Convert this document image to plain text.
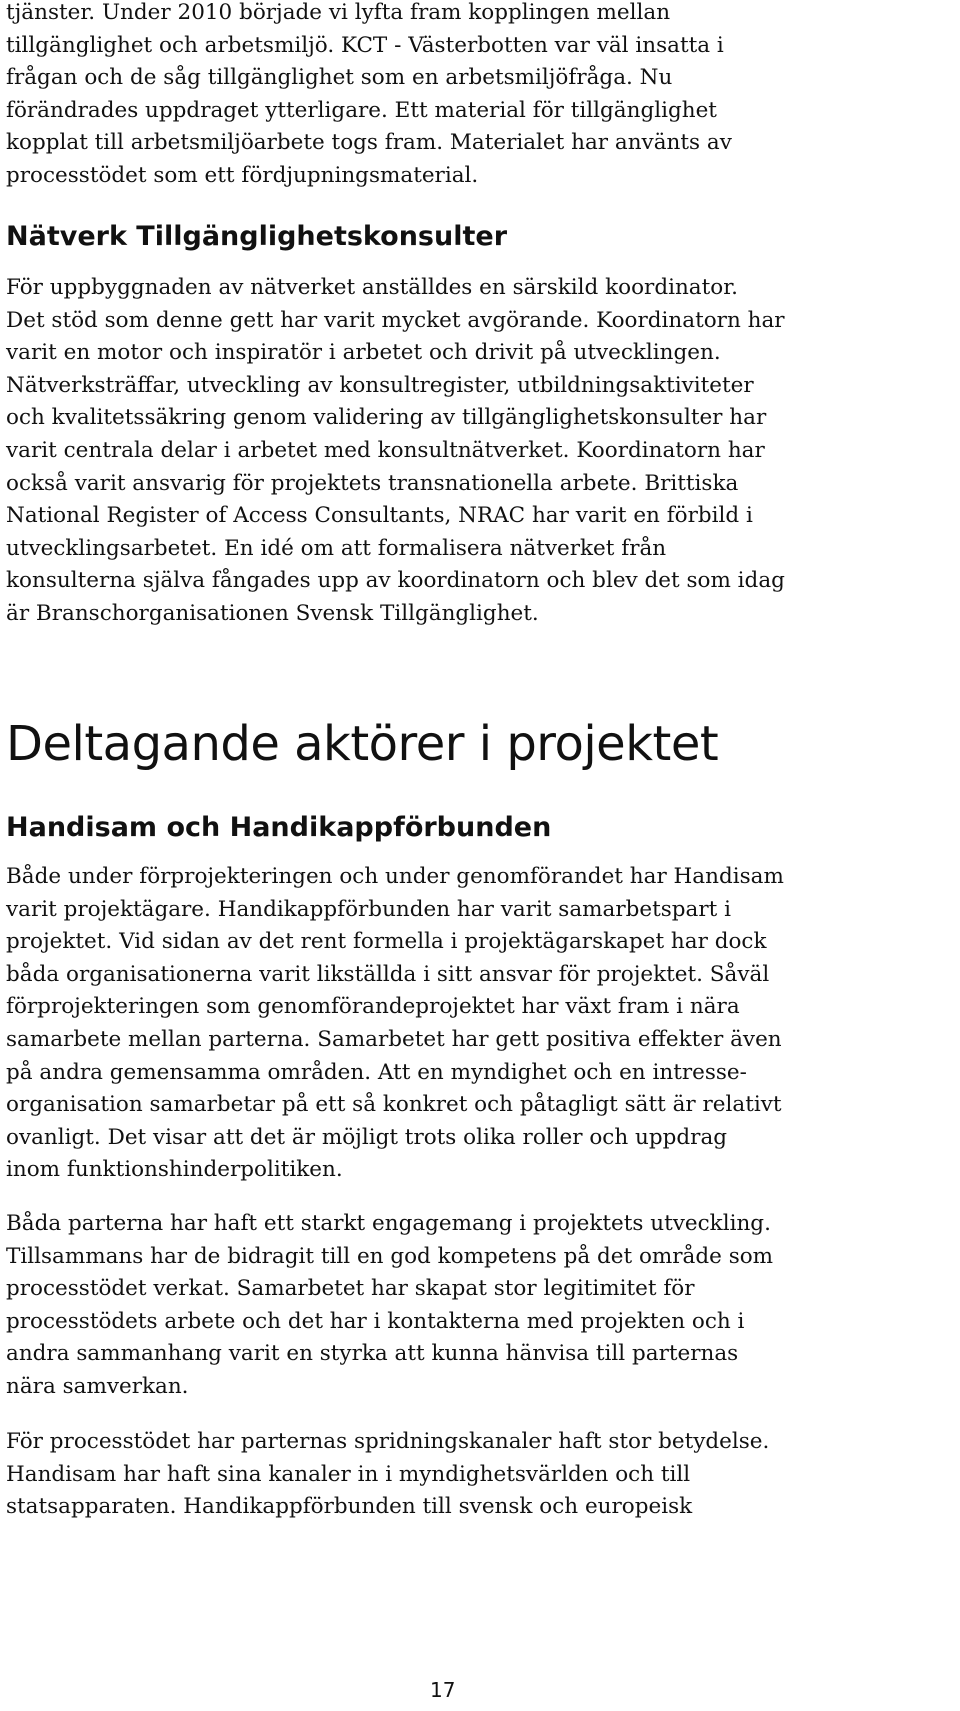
tjänster. Under 2010 började vi lyfta fram kopplingen mellan
tillgänglighet och arbetsmiljö. KCT - Västerbotten var väl insatta i
frågan och de såg tillgänglighet som en arbetsmiljöfråga. Nu
förändrades uppdraget ytterligare. Ett material för tillgänglighet
kopplat till arbetsmiljöarbete togs fram. Materialet har använts av
processtödet som ett fördjupningsmaterial.
Nätverk Tillgänglighetskonsulter
För uppbyggnaden av nätverket anställdes en särskild koordinator.
Det stöd som denne gett har varit mycket avgörande. Koordinatorn har
varit en motor och inspiratör i arbetet och drivit på utvecklingen.
Nätverksträffar, utveckling av konsultregister, utbildningsaktiviteter
och kvalitetssäkring genom validering av tillgänglighetskonsulter har
varit centrala delar i arbetet med konsultnätverket. Koordinatorn har
också varit ansvarig för projektets transnationella arbete. Brittiska
National Register of Access Consultants, NRAC har varit en förbild i
utvecklingsarbetet. En idé om att formalisera nätverket från
konsulterna själva fångades upp av koordinatorn och blev det som idag
är Branschorganisationen Svensk Tillgänglighet.
Deltagande aktörer i projektet
Handisam och Handikappförbunden
Både under förprojekteringen och under genomförandet har Handisam
varit projektägare. Handikappförbunden har varit samarbetspart i
projektet. Vid sidan av det rent formella i projektägarskapet har dock
båda organisationerna varit likställda i sitt ansvar för projektet. Såväl
förprojekteringen som genomförandeprojektet har växt fram i nära
samarbete mellan parterna. Samarbetet har gett positiva effekter även
på andra gemensamma områden. Att en myndighet och en intresse-
organisation samarbetar på ett så konkret och påtagligt sätt är relativt
ovanligt. Det visar att det är möjligt trots olika roller och uppdrag
inom funktionshinderpolitiken.
Båda parterna har haft ett starkt engagemang i projektets utveckling.
Tillsammans har de bidragit till en god kompetens på det område som
processtödet verkat. Samarbetet har skapat stor legitimitet för
processtödets arbete och det har i kontakterna med projekten och i
andra sammanhang varit en styrka att kunna hänvisa till parternas
nära samverkan.
För processtödet har parternas spridningskanaler haft stor betydelse.
Handisam har haft sina kanaler in i myndighetsvärlden och till
statsapparaten. Handikappförbunden till svensk och europeisk
17
